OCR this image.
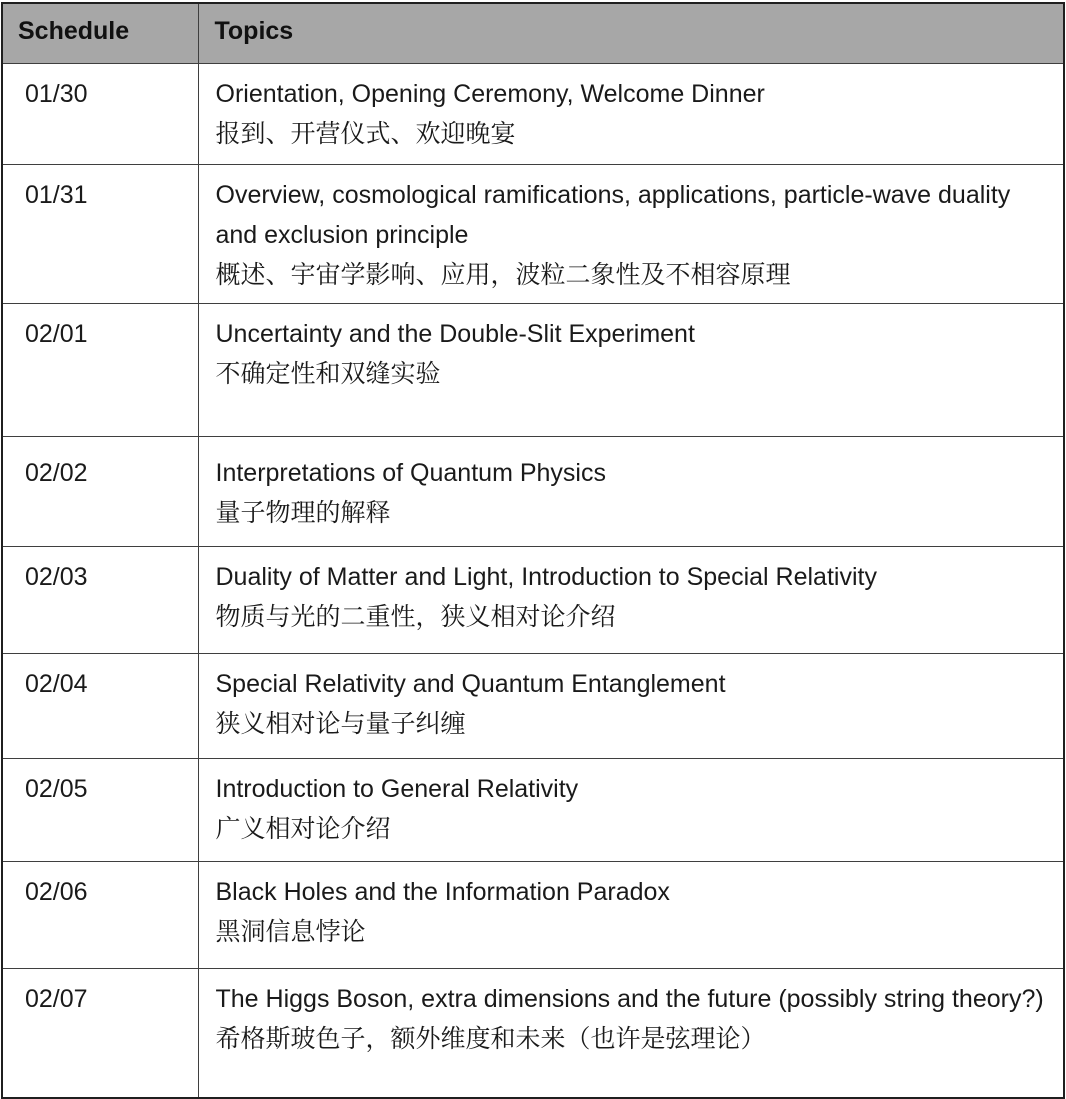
Schedule	Topics
01/30	Orientation, Opening Ceremony, Welcome Dinner
报到、开营仪式、欢迎晚宴

01/31	Overview, cosmological ramifications, applications, particle-wave duality and exclusion principle
概述、宇宙学影响、应用，波粒二象性及不相容原理

02/01	Uncertainty and the Double-Slit Experiment
不确定性和双缝实验

02/02	Interpretations of Quantum Physics
量子物理的解释

02/03	Duality of Matter and Light, Introduction to Special Relativity
物质与光的二重性，狭义相对论介绍

02/04	Special Relativity and Quantum Entanglement
狭义相对论与量子纠缠

02/05	Introduction to General Relativity
广义相对论介绍

02/06	Black Holes and the Information Paradox
黑洞信息悖论

02/07	The Higgs Boson, extra dimensions and the future (possibly string theory?)
希格斯玻色子，额外维度和未来（也许是弦理论）
